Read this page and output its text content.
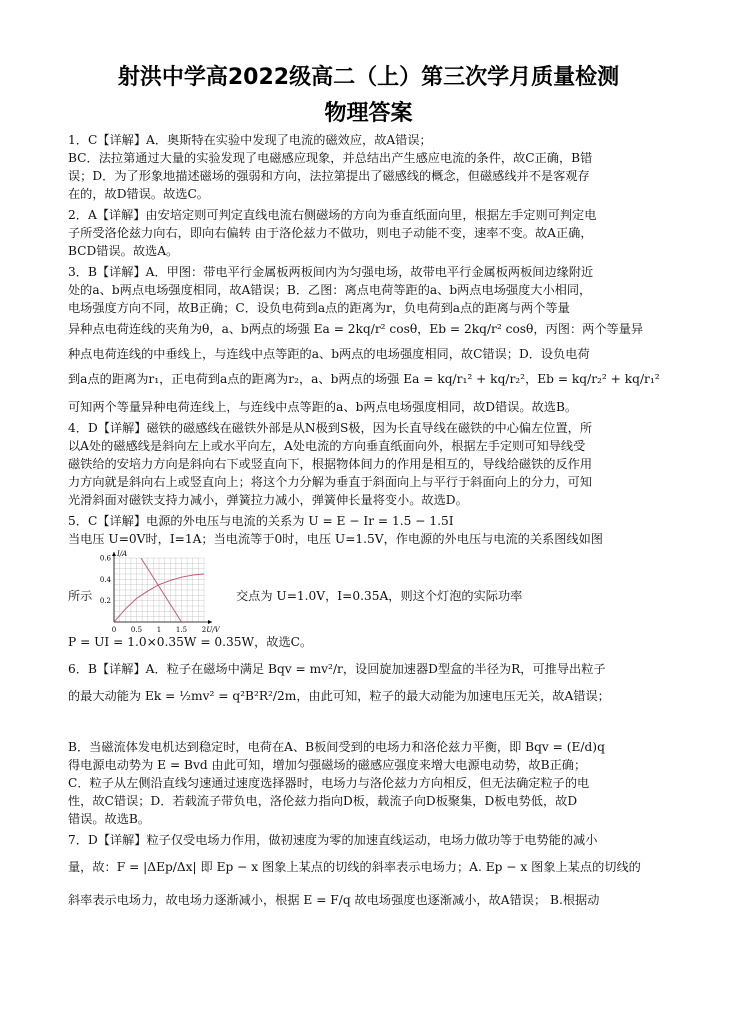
射洪中学高2022级高二（上）第三次学月质量检测
物理答案
1．C【详解】A．奥斯特在实验中发现了电流的磁效应，故A错误；
BC．法拉第通过大量的实验发现了电磁感应现象，并总结出产生感应电流的条件，故C正确，B错
误；D．为了形象地描述磁场的强弱和方向，法拉第提出了磁感线的概念，但磁感线并不是客观存
在的，故D错误。故选C。
2．A【详解】由安培定则可判定直线电流右侧磁场的方向为垂直纸面向里，根据左手定则可判定电
子所受洛伦兹力向右，即向右偏转 由于洛伦兹力不做功，则电子动能不变，速率不变。故A正确，
BCD错误。故选A。
3．B【详解】A．甲图：带电平行金属板两板间内为匀强电场，故带电平行金属板两板间边缘附近
处的a、b两点电场强度相同，故A错误；B．乙图：离点电荷等距的a、b两点电场强度大小相同，
电场强度方向不同，故B正确；C．设负电荷到a点的距离为r，负电荷到a点的距离与两个等量
异种点电荷连线的夹角为θ，a、b两点的场强 Ea = 2kq/r² cosθ，Eb = 2kq/r² cosθ，丙图：两个等量异
种点电荷连线的中垂线上，与连线中点等距的a、b两点的电场强度相同，故C错误；D．设负电荷
到a点的距离为r₁，正电荷到a点的距离为r₂，a、b两点的场强 Ea = kq/r₁² + kq/r₂²，Eb = kq/r₂² + kq/r₁²
可知两个等量异种电荷连线上，与连线中点等距的a、b两点电场强度相同，故D错误。故选B。
4．D【详解】磁铁的磁感线在磁铁外部是从N极到S极，因为长直导线在磁铁的中心偏左位置，所
以A处的磁感线是斜向左上或水平向左，A处电流的方向垂直纸面向外，根据左手定则可知导线受
磁铁给的安培力方向是斜向右下或竖直向下，根据物体间力的作用是相互的，导线给磁铁的反作用
力方向就是斜向右上或竖直向上；将这个力分解为垂直于斜面向上与平行于斜面向上的分力，可知
光滑斜面对磁铁支持力减小，弹簧拉力减小，弹簧伸长量将变小。故选D。
5．C【详解】电源的外电压与电流的关系为 U = E − Ir = 1.5 − 1.5I
当电压 U=0V时，I=1A；当电流等于0时，电压 U=1.5V，作电源的外电压与电流的关系图线如图
P = UI = 1.0×0.35W = 0.35W，故选C。
6．B【详解】A．粒子在磁场中满足 Bqv = mv²/r，设回旋加速器D型盒的半径为R，可推导出粒子
的最大动能为 Ek = ½mv² = q²B²R²/2m，由此可知，粒子的最大动能为加速电压无关，故A错误；
B．当磁流体发电机达到稳定时，电荷在A、B板间受到的电场力和洛伦兹力平衡，即 Bqv = (E/d)q
得电源电动势为 E = Bvd 由此可知，增加匀强磁场的磁感应强度来增大电源电动势，故B正确；
C．粒子从左侧沿直线匀速通过速度选择器时，电场力与洛伦兹力方向相反，但无法确定粒子的电
性，故C错误；D．若载流子带负电，洛伦兹力指向D板，载流子向D板聚集，D板电势低，故D
错误。故选B。
7．D【详解】粒子仅受电场力作用，做初速度为零的加速直线运动，电场力做功等于电势能的减小
量，故：F = |ΔEp/Δx| 即 Ep − x 图象上某点的切线的斜率表示电场力；A. Ep − x 图象上某点的切线的
斜率表示电场力，故电场力逐渐减小，根据 E = F/q 故电场强度也逐渐减小，故A错误； B.根据动
所示	交点为 U=1.0V，I=0.35A，则这个灯泡的实际功率
0 0.5 1 1.5 2
0.2
0.4
0.6
U/V
I/A
